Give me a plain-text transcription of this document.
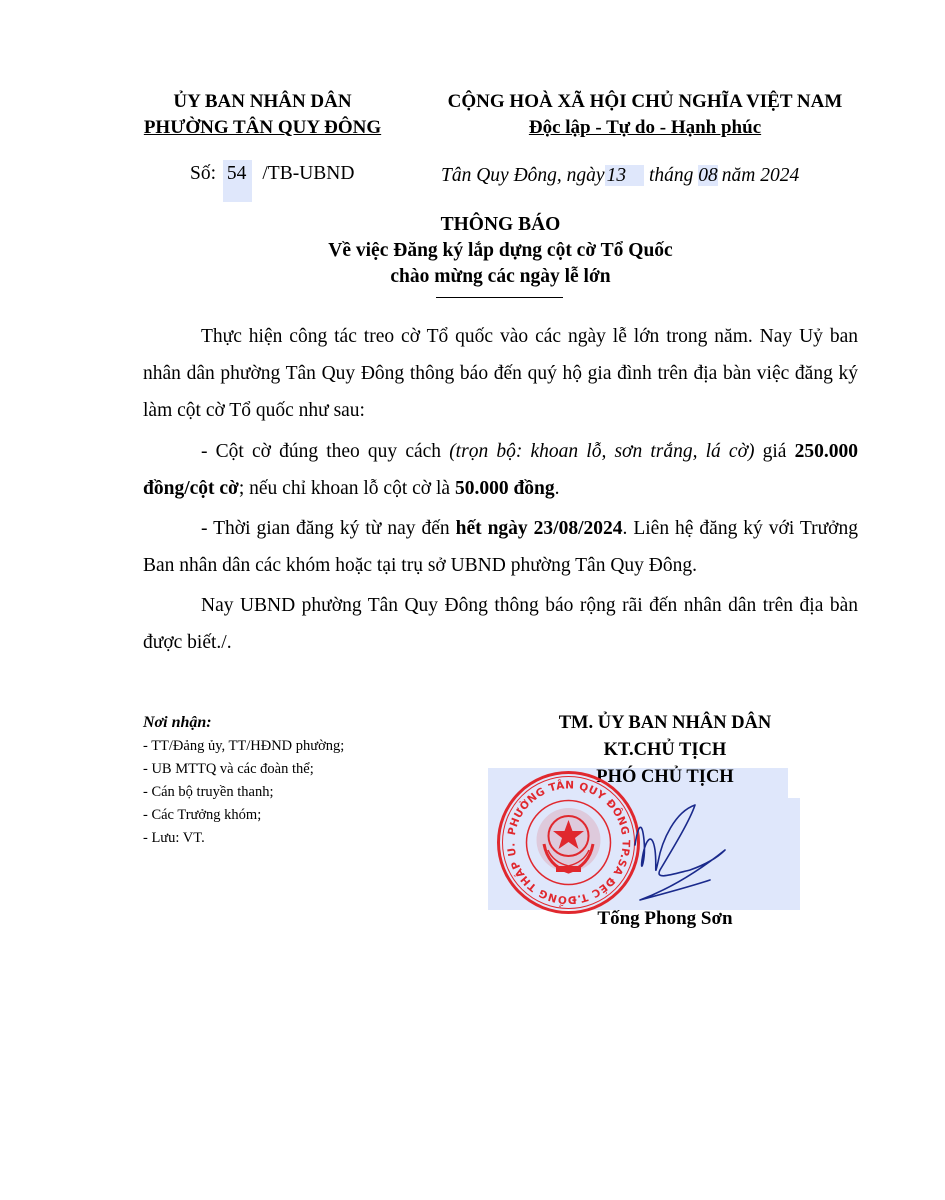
ỦY BAN NHÂN DÂN
PHƯỜNG TÂN QUY ĐÔNG
CỘNG HOÀ XÃ HỘI CHỦ NGHĨA VIỆT NAM
Độc lập - Tự do - Hạnh phúc
Số: 54 /TB-UBND	Tân Quy Đông, ngày 13 tháng 08 năm 2024
THÔNG BÁO
Về việc Đăng ký lắp dựng cột cờ Tổ Quốc
chào mừng các ngày lễ lớn
Thực hiện công tác treo cờ Tổ quốc vào các ngày lễ lớn trong năm. Nay Uỷ ban nhân dân phường Tân Quy Đông thông báo đến quý hộ gia đình trên địa bàn việc đăng ký làm cột cờ Tổ quốc như sau:
- Cột cờ đúng theo quy cách (trọn bộ: khoan lỗ, sơn trắng, lá cờ) giá 250.000 đồng/cột cờ; nếu chỉ khoan lỗ cột cờ là 50.000 đồng.
- Thời gian đăng ký từ nay đến hết ngày 23/08/2024. Liên hệ đăng ký với Trưởng Ban nhân dân các khóm hoặc tại trụ sở UBND phường Tân Quy Đông.
Nay UBND phường Tân Quy Đông thông báo rộng rãi đến nhân dân trên địa bàn được biết./.
Nơi nhận:
- TT/Đảng ủy, TT/HĐND phường;
- UB MTTQ và các đoàn thể;
- Cán bộ truyền thanh;
- Các Trưởng khóm;
- Lưu: VT.
TM. ỦY BAN NHÂN DÂN
KT.CHỦ TỊCH
PHÓ CHỦ TỊCH
PHƯỜNG TÂN QUY ĐÔNG TP.SA ĐÉC T.ĐỒNG THÁP U.
Tống Phong Sơn
